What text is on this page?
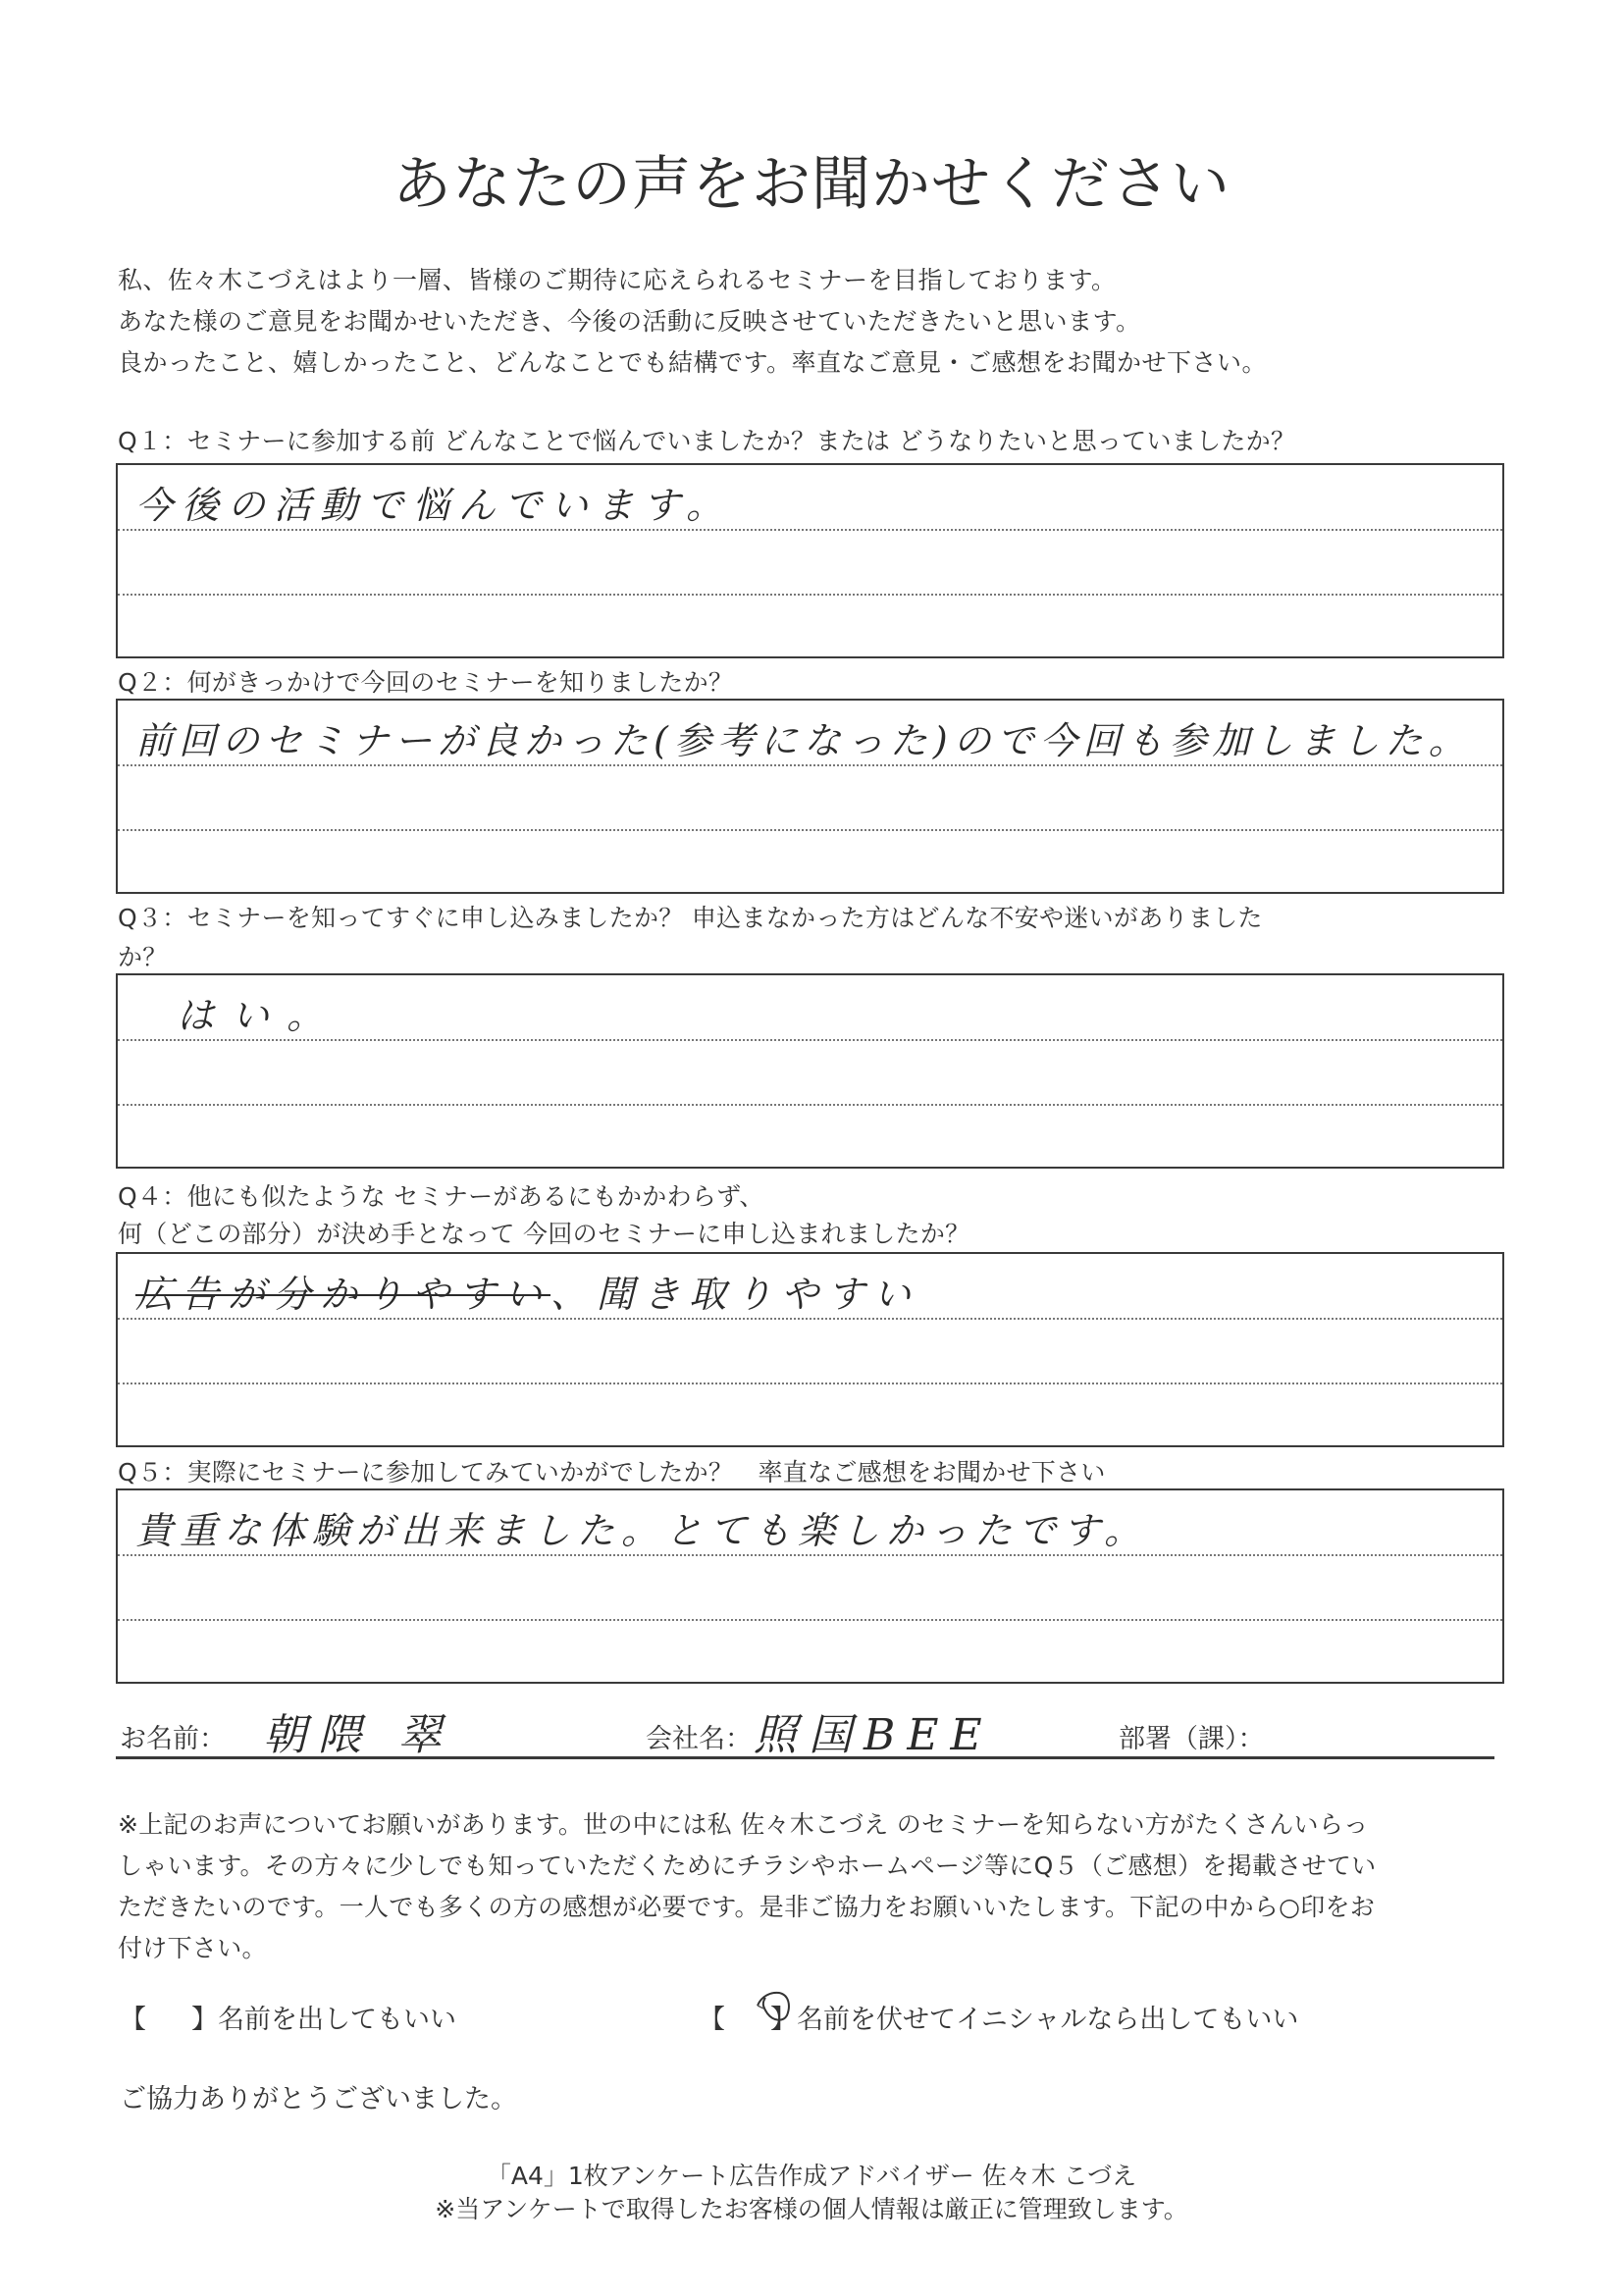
あなたの声をお聞かせください
私、佐々木こづえはより一層、皆様のご期待に応えられるセミナーを目指しております。
あなた様のご意見をお聞かせいただき、今後の活動に反映させていただきたいと思います。
良かったこと、嬉しかったこと、どんなことでも結構です。率直なご意見・ご感想をお聞かせ下さい。
Q１：セミナーに参加する前 どんなことで悩んでいましたか？または どうなりたいと思っていましたか？
今後の活動で悩んでいます。
Q２：何がきっかけで今回のセミナーを知りましたか？
前回のセミナーが良かった(参考になった)ので今回も参加しました。
Q３：セミナーを知ってすぐに申し込みましたか？ 申込まなかった方はどんな不安や迷いがありました
か？
はい。
Q４：他にも似たような セミナーがあるにもかかわらず、
何（どこの部分）が決め手となって 今回のセミナーに申し込まれましたか？
広告が分かりやすい、聞き取りやすい
Q５：実際にセミナーに参加してみていかがでしたか？　率直なご感想をお聞かせ下さい
貴重な体験が出来ました。とても楽しかったです。
お名前： 朝隈 翠	会社名： 照国BEE	部署（課）：
※上記のお声についてお願いがあります。世の中には私 佐々木こづえ のセミナーを知らない方がたくさんいらっ
しゃいます。その方々に少しでも知っていただくためにチラシやホームページ等にQ５（ご感想）を掲載させてい
ただきたいのです。一人でも多くの方の感想が必要です。是非ご協力をお願いいたします。下記の中から○印をお
付け下さい。
【 】名前を出してもいい	【 】名前を伏せてイニシャルなら出してもいい
ご協力ありがとうございました。
「A4」1枚アンケート広告作成アドバイザー 佐々木 こづえ
※当アンケートで取得したお客様の個人情報は厳正に管理致します。
